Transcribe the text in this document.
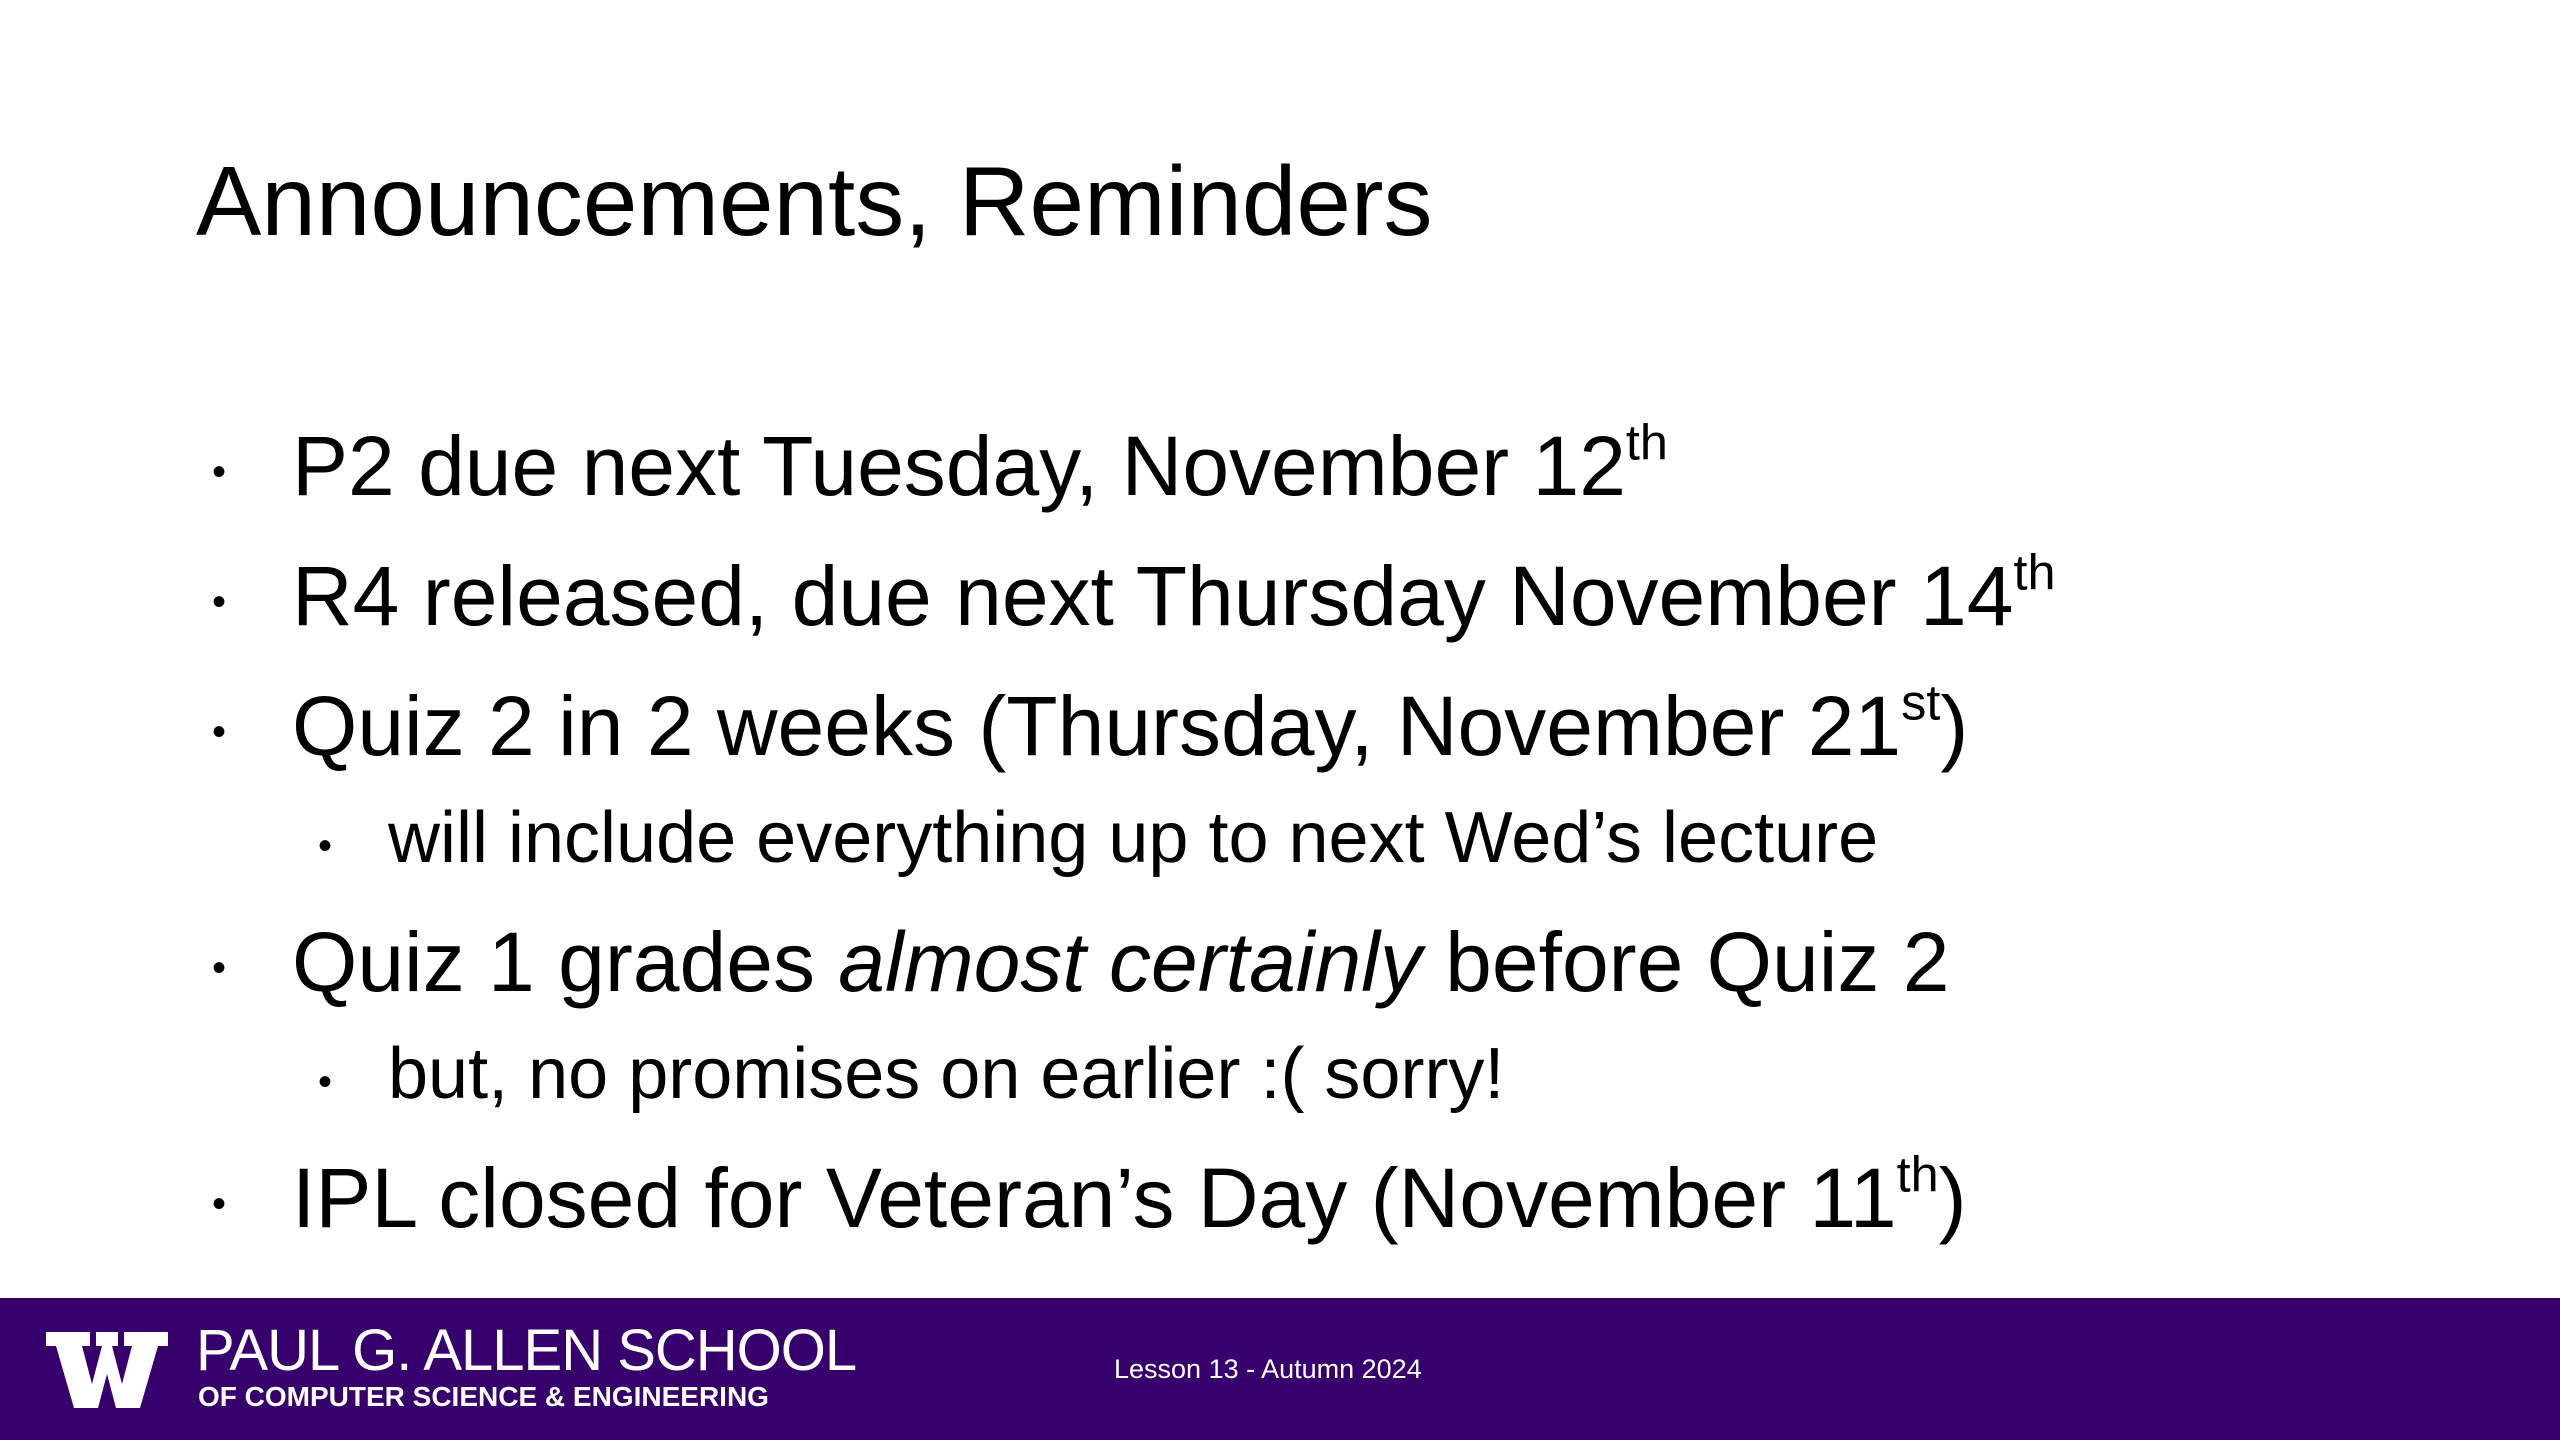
Announcements, Reminders
• P2 due next Tuesday, November 12th
• R4 released, due next Thursday November 14th
• Quiz 2 in 2 weeks (Thursday, November 21st)
• will include everything up to next Wed’s lecture
• Quiz 1 grades almost certainly before Quiz 2
• but, no promises on earlier :( sorry!
• IPL closed for Veteran’s Day (November 11th)
PAUL G. ALLEN SCHOOL
OF COMPUTER SCIENCE & ENGINEERING
Lesson 13 - Autumn 2024
